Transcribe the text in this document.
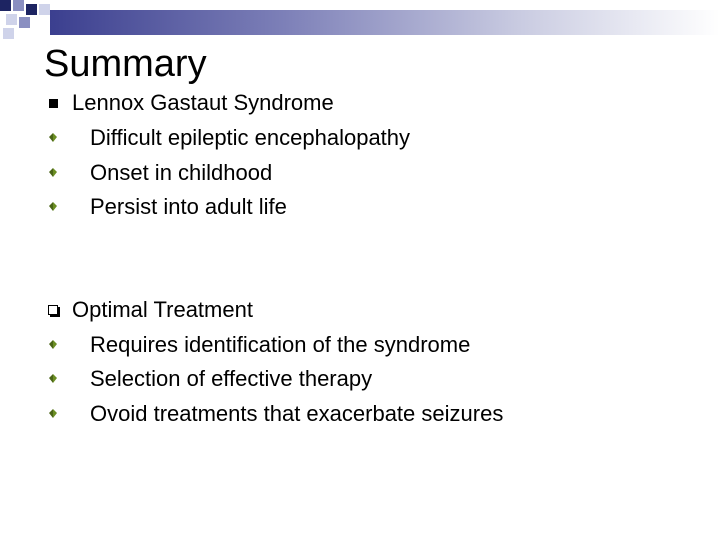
Summary
Lennox Gastaut Syndrome
Difficult epileptic encephalopathy
Onset in childhood
Persist into adult life
Optimal Treatment
Requires identification of the syndrome
Selection of effective therapy
Ovoid treatments that exacerbate seizures
